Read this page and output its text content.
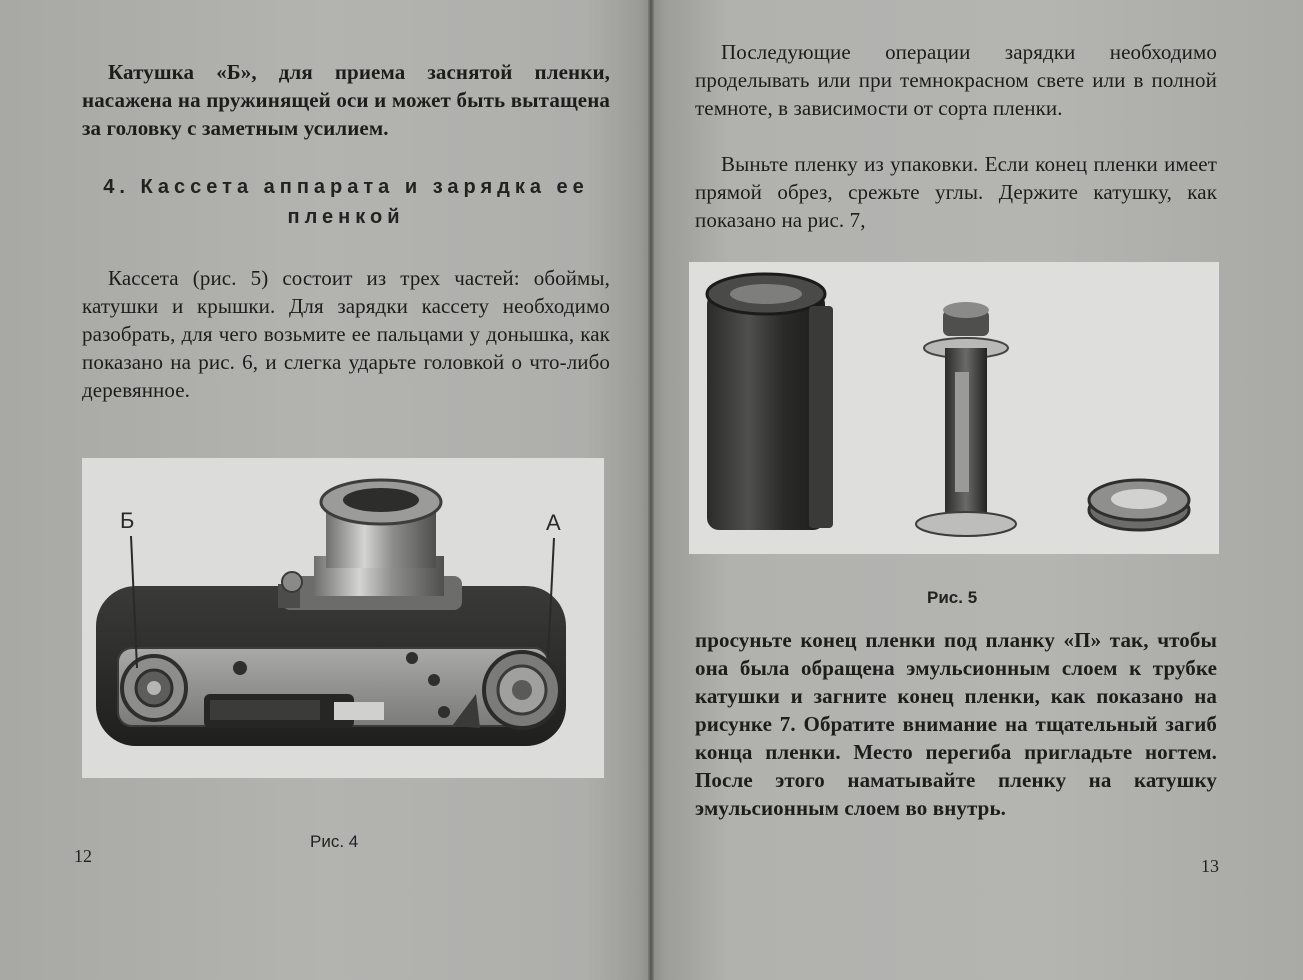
Катушка «Б», для приема заснятой пленки, насажена на пружинящей оси и может быть вытащена за головку с заметным усилием.

4. Кассета аппарата и зарядка ее пленкой

Кассета (рис. 5) состоит из трех частей: обоймы, катушки и крышки. Для зарядки кассету необходимо разобрать, для чего возьмите ее пальцами у донышка, как показано на рис. 6, и слегка ударьте головкой о что-либо деревянное.

Б	А

Рис. 4

12

Последующие операции зарядки необходимо проделывать или при темнокрасном свете или в полной темноте, в зависимости от сорта пленки.

Выньте пленку из упаковки. Если конец пленки имеет прямой обрез, срежьте углы. Держите катушку, как показано на рис. 7,

Рис. 5

просуньте конец пленки под планку «П» так, чтобы она была обращена эмульсионным слоем к трубке катушки и загните конец пленки, как показано на рисунке 7. Обратите внимание на тщательный загиб конца пленки. Место перегиба пригладьте ногтем. После этого наматывайте пленку на катушку эмульсионным слоем во внутрь.

13
